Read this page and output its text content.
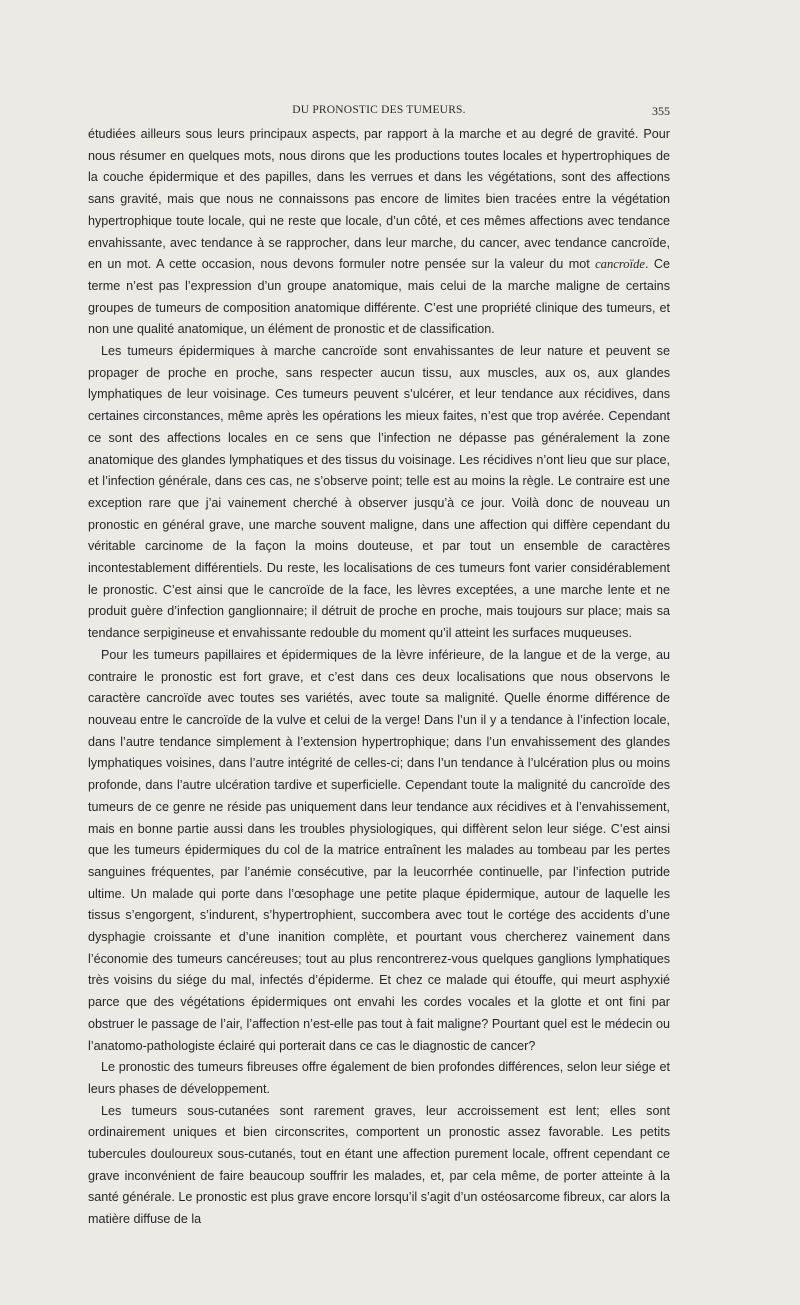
DU PRONOSTIC DES TUMEURS.	355

étudiées ailleurs sous leurs principaux aspects, par rapport à la marche et au degré de gravité. Pour nous résumer en quelques mots, nous dirons que les productions toutes locales et hypertrophiques de la couche épidermique et des papilles, dans les verrues et dans les végétations, sont des affections sans gravité, mais que nous ne connaissons pas encore de limites bien tracées entre la végétation hypertrophique toute locale, qui ne reste que locale, d’un côté, et ces mêmes affections avec tendance envahissante, avec tendance à se rapprocher, dans leur marche, du cancer, avec tendance cancroïde, en un mot. A cette occasion, nous devons formuler notre pensée sur la valeur du mot cancroïde. Ce terme n’est pas l’expression d’un groupe anatomique, mais celui de la marche maligne de certains groupes de tumeurs de composition anatomique différente. C’est une propriété clinique des tumeurs, et non une qualité anatomique, un élément de pronostic et de classification.

Les tumeurs épidermiques à marche cancroïde sont envahissantes de leur nature et peuvent se propager de proche en proche, sans respecter aucun tissu, aux muscles, aux os, aux glandes lymphatiques de leur voisinage. Ces tumeurs peuvent s’ulcérer, et leur tendance aux récidives, dans certaines circonstances, même après les opérations les mieux faites, n’est que trop avérée. Cependant ce sont des affections locales en ce sens que l’infection ne dépasse pas généralement la zone anatomique des glandes lymphatiques et des tissus du voisinage. Les récidives n’ont lieu que sur place, et l’infection générale, dans ces cas, ne s’observe point; telle est au moins la règle. Le contraire est une exception rare que j’ai vainement cherché à observer jusqu’à ce jour. Voilà donc de nouveau un pronostic en général grave, une marche souvent maligne, dans une affection qui diffère cependant du véritable carcinome de la façon la moins douteuse, et par tout un ensemble de caractères incontestablement différentiels. Du reste, les localisations de ces tumeurs font varier considérablement le pronostic. C’est ainsi que le cancroïde de la face, les lèvres exceptées, a une marche lente et ne produit guère d’infection ganglionnaire; il détruit de proche en proche, mais toujours sur place; mais sa tendance serpigineuse et envahissante redouble du moment qu’il atteint les surfaces muqueuses.

Pour les tumeurs papillaires et épidermiques de la lèvre inférieure, de la langue et de la verge, au contraire le pronostic est fort grave, et c’est dans ces deux localisations que nous observons le caractère cancroïde avec toutes ses variétés, avec toute sa malignité. Quelle énorme différence de nouveau entre le cancroïde de la vulve et celui de la verge! Dans l’un il y a tendance à l’infection locale, dans l’autre tendance simplement à l’extension hypertrophique; dans l’un envahissement des glandes lymphatiques voisines, dans l’autre intégrité de celles-ci; dans l’un tendance à l’ulcération plus ou moins profonde, dans l’autre ulcération tardive et superficielle. Cependant toute la malignité du cancroïde des tumeurs de ce genre ne réside pas uniquement dans leur tendance aux récidives et à l’envahissement, mais en bonne partie aussi dans les troubles physiologiques, qui diffèrent selon leur siége. C’est ainsi que les tumeurs épidermiques du col de la matrice entraînent les malades au tombeau par les pertes sanguines fréquentes, par l’anémie consécutive, par la leucorrhée continuelle, par l’infection putride ultime. Un malade qui porte dans l’œsophage une petite plaque épidermique, autour de laquelle les tissus s’engorgent, s’indurent, s’hypertrophient, succombera avec tout le cortége des accidents d’une dysphagie croissante et d’une inanition complète, et pourtant vous chercherez vainement dans l’économie des tumeurs cancéreuses; tout au plus rencontrerez-vous quelques ganglions lymphatiques très voisins du siége du mal, infectés d’épiderme. Et chez ce malade qui étouffe, qui meurt asphyxié parce que des végétations épidermiques ont envahi les cordes vocales et la glotte et ont fini par obstruer le passage de l’air, l’affection n’est-elle pas tout à fait maligne? Pourtant quel est le médecin ou l’anatomo-pathologiste éclairé qui porterait dans ce cas le diagnostic de cancer?

Le pronostic des tumeurs fibreuses offre également de bien profondes différences, selon leur siége et leurs phases de développement.

Les tumeurs sous-cutanées sont rarement graves, leur accroissement est lent; elles sont ordinairement uniques et bien circonscrites, comportent un pronostic assez favorable. Les petits tubercules douloureux sous-cutanés, tout en étant une affection purement locale, offrent cependant ce grave inconvénient de faire beaucoup souffrir les malades, et, par cela même, de porter atteinte à la santé générale. Le pronostic est plus grave encore lorsqu’il s’agit d’un ostéosarcome fibreux, car alors la matière diffuse de la
